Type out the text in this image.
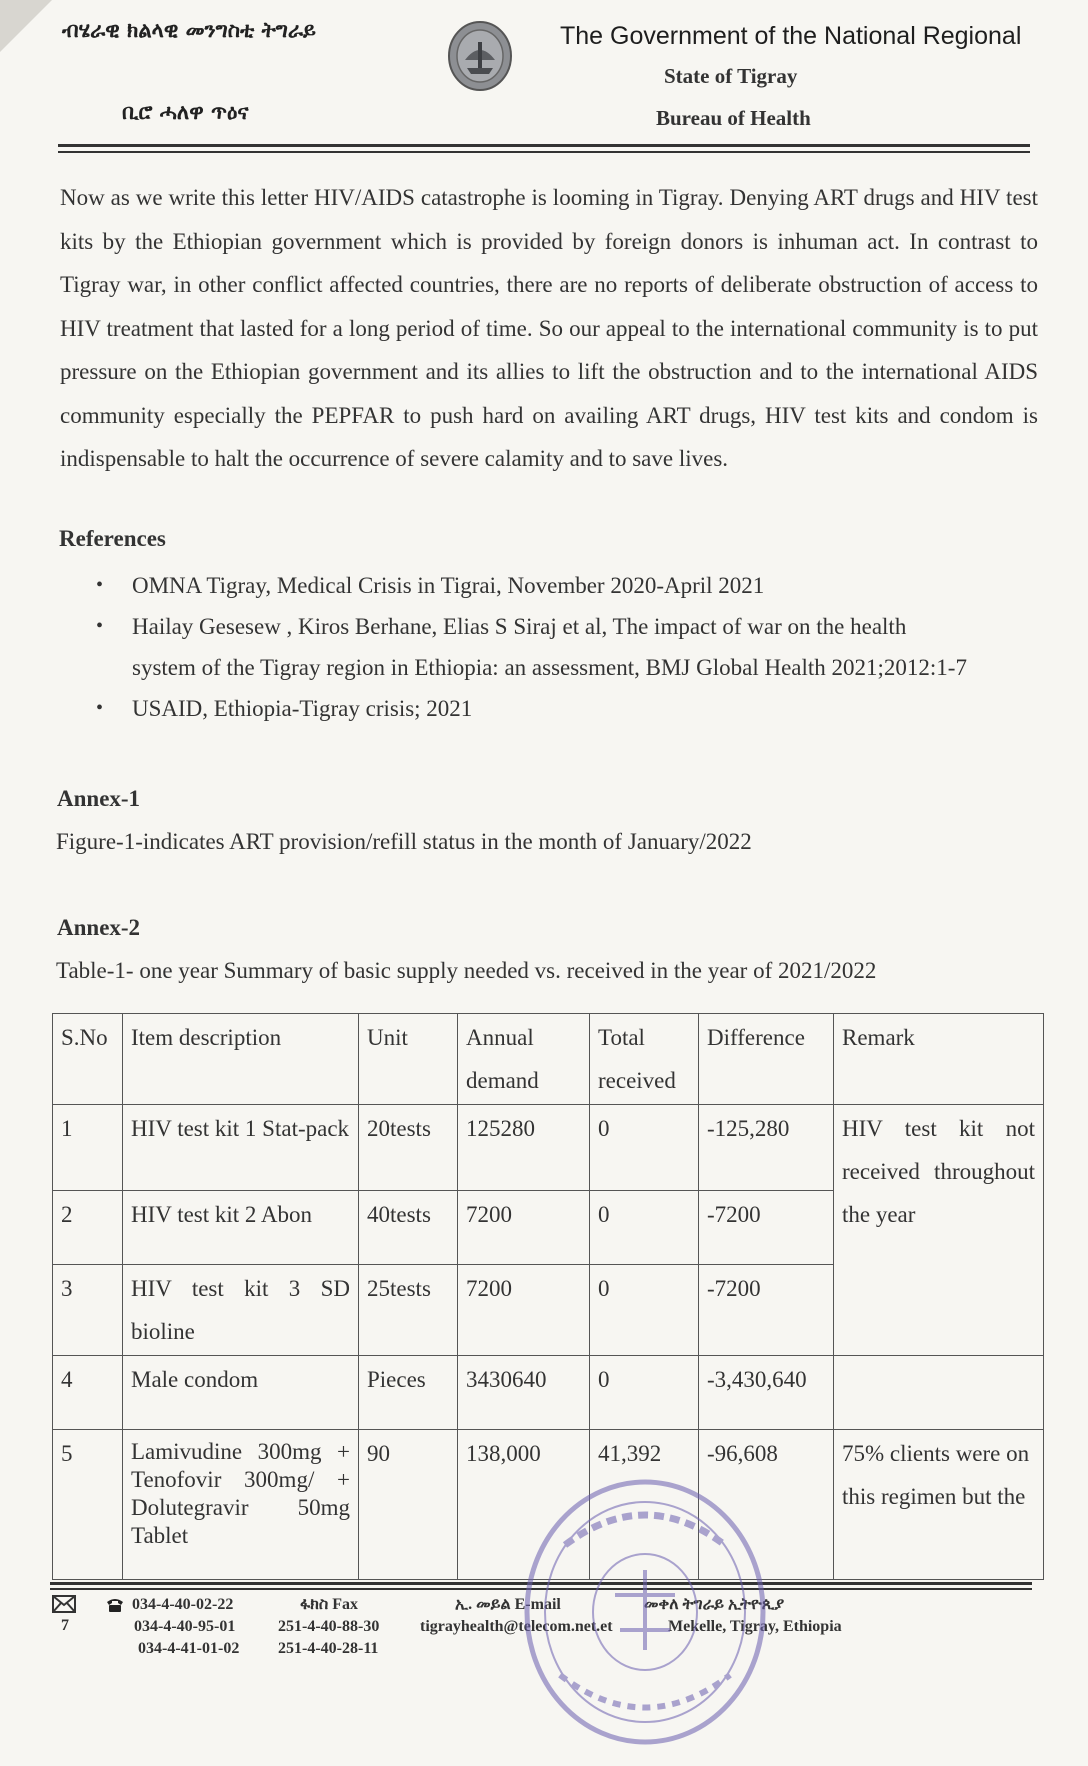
ብሄራዊ ክልላዊ መንግስቲ ትግራይ
ቢሮ ሓለዋ ጥዕና
The Government of the National Regional
State of Tigray
Bureau of Health
Now as we write this letter HIV/AIDS catastrophe is looming in Tigray. Denying ART drugs and HIV test kits by the Ethiopian government which is provided by foreign donors is inhuman act. In contrast to Tigray war, in other conflict affected countries, there are no reports of deliberate obstruction of access to HIV treatment that lasted for a long period of time. So our appeal to the international community is to put pressure on the Ethiopian government and its allies to lift the obstruction and to the international AIDS community especially the PEPFAR to push hard on availing ART drugs, HIV test kits and condom is indispensable to halt the occurrence of severe calamity and to save lives.
References
• OMNA Tigray, Medical Crisis in Tigrai, November 2020-April 2021
• Hailay Gesesew , Kiros Berhane, Elias S Siraj et al, The impact of war on the health system of the Tigray region in Ethiopia: an assessment, BMJ Global Health 2021;2012:1-7
• USAID, Ethiopia-Tigray crisis; 2021
Annex-1
Figure-1-indicates ART provision/refill status in the month of January/2022
Annex-2
Table-1- one year Summary of basic supply needed vs. received in the year of 2021/2022
S.No	Item description	Unit	Annual demand	Total received	Difference	Remark
1	HIV test kit 1 Stat-pack	20tests	125280	0	-125,280	HIV test kit not received throughout the year
2	HIV test kit 2 Abon	40tests	7200	0	-7200	
3	HIV test kit 3 SD bioline	25tests	7200	0	-7200	
4	Male condom	Pieces	3430640	0	-3,430,640	
5	Lamivudine 300mg + Tenofovir 300mg/ + Dolutegravir 50mg Tablet	90	138,000	41,392	-96,608	75% clients were on this regimen but the
7
034-4-40-02-22
034-4-40-95-01
034-4-41-01-02
ፋክስ Fax
251-4-40-88-30
251-4-40-28-11
ኢ. መይል E-mail
tigrayhealth@telecom.net.et
መቀለ ትግራይ ኢትዮጲያ
Mekelle, Tigray, Ethiopia
